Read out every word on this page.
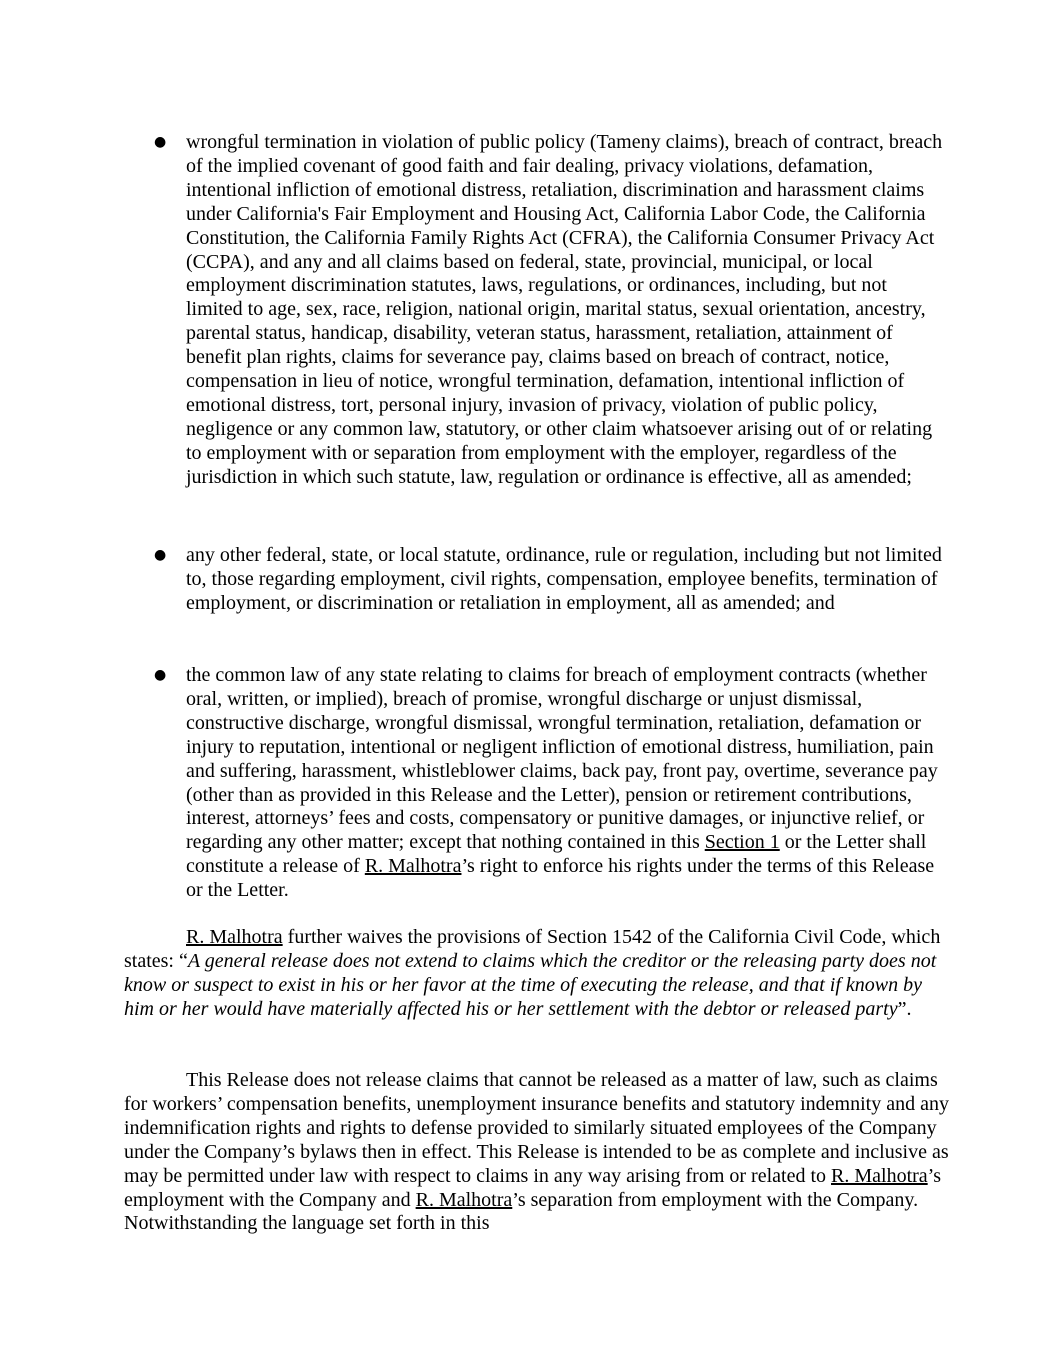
● wrongful termination in violation of public policy (Tameny claims), breach of contract, breach of the implied covenant of good faith and fair dealing, privacy violations, defamation, intentional infliction of emotional distress, retaliation, discrimination and harassment claims under California's Fair Employment and Housing Act, California Labor Code, the California Constitution, the California Family Rights Act (CFRA), the California Consumer Privacy Act (CCPA), and any and all claims based on federal, state, provincial, municipal, or local employment discrimination statutes, laws, regulations, or ordinances, including, but not limited to age, sex, race, religion, national origin, marital status, sexual orientation, ancestry, parental status, handicap, disability, veteran status, harassment, retaliation, attainment of benefit plan rights, claims for severance pay, claims based on breach of contract, notice, compensation in lieu of notice, wrongful termination, defamation, intentional infliction of emotional distress, tort, personal injury, invasion of privacy, violation of public policy, negligence or any common law, statutory, or other claim whatsoever arising out of or relating to employment with or separation from employment with the employer, regardless of the jurisdiction in which such statute, law, regulation or ordinance is effective, all as amended;
● any other federal, state, or local statute, ordinance, rule or regulation, including but not limited to, those regarding employment, civil rights, compensation, employee benefits, termination of employment, or discrimination or retaliation in employment, all as amended; and
● the common law of any state relating to claims for breach of employment contracts (whether oral, written, or implied), breach of promise, wrongful discharge or unjust dismissal, constructive discharge, wrongful dismissal, wrongful termination, retaliation, defamation or injury to reputation, intentional or negligent infliction of emotional distress, humiliation, pain and suffering, harassment, whistleblower claims, back pay, front pay, overtime, severance pay (other than as provided in this Release and the Letter), pension or retirement contributions, interest, attorneys’ fees and costs, compensatory or punitive damages, or injunctive relief, or regarding any other matter; except that nothing contained in this Section 1 or the Letter shall constitute a release of R. Malhotra’s right to enforce his rights under the terms of this Release or the Letter.
R. Malhotra further waives the provisions of Section 1542 of the California Civil Code, which states: “A general release does not extend to claims which the creditor or the releasing party does not know or suspect to exist in his or her favor at the time of executing the release, and that if known by him or her would have materially affected his or her settlement with the debtor or released party”.
This Release does not release claims that cannot be released as a matter of law, such as claims for workers’ compensation benefits, unemployment insurance benefits and statutory indemnity and any indemnification rights and rights to defense provided to similarly situated employees of the Company under the Company’s bylaws then in effect. This Release is intended to be as complete and inclusive as may be permitted under law with respect to claims in any way arising from or related to R. Malhotra’s employment with the Company and R. Malhotra’s separation from employment with the Company. Notwithstanding the language set forth in this
